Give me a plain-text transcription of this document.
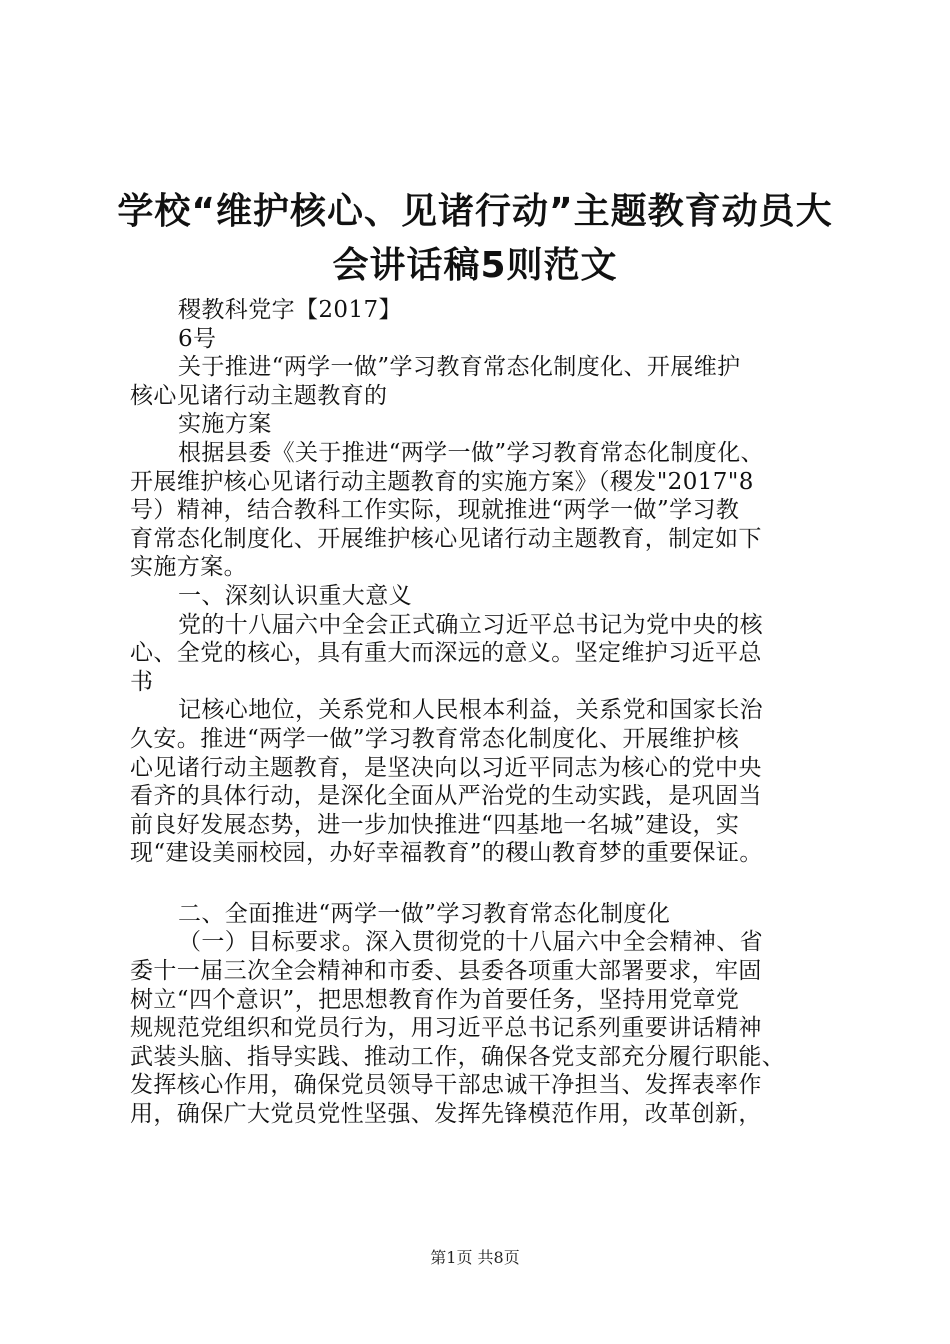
学校“维护核心、见诸行动”主题教育动员大
会讲话稿5则范文
稷教科党字【2017】
6号
关于推进“两学一做”学习教育常态化制度化、开展维护
核心见诸行动主题教育的
实施方案
根据县委《关于推进“两学一做”学习教育常态化制度化、
开展维护核心见诸行动主题教育的实施方案》（稷发"2017"8
号）精神，结合教科工作实际，现就推进“两学一做”学习教
育常态化制度化、开展维护核心见诸行动主题教育，制定如下
实施方案。
一、深刻认识重大意义
党的十八届六中全会正式确立习近平总书记为党中央的核
心、全党的核心，具有重大而深远的意义。坚定维护习近平总
书
记核心地位，关系党和人民根本利益，关系党和国家长治
久安。推进“两学一做”学习教育常态化制度化、开展维护核
心见诸行动主题教育，是坚决向以习近平同志为核心的党中央
看齐的具体行动，是深化全面从严治党的生动实践，是巩固当
前良好发展态势，进一步加快推进“四基地一名城”建设，实
现“建设美丽校园，办好幸福教育”的稷山教育梦的重要保证。
二、全面推进“两学一做”学习教育常态化制度化
（一）目标要求。深入贯彻党的十八届六中全会精神、省
委十一届三次全会精神和市委、县委各项重大部署要求，牢固
树立“四个意识”，把思想教育作为首要任务，坚持用党章党
规规范党组织和党员行为，用习近平总书记系列重要讲话精神
武装头脑、指导实践、推动工作，确保各党支部充分履行职能、
发挥核心作用，确保党员领导干部忠诚干净担当、发挥表率作
用，确保广大党员党性坚强、发挥先锋模范作用，改革创新，
第1页 共8页
